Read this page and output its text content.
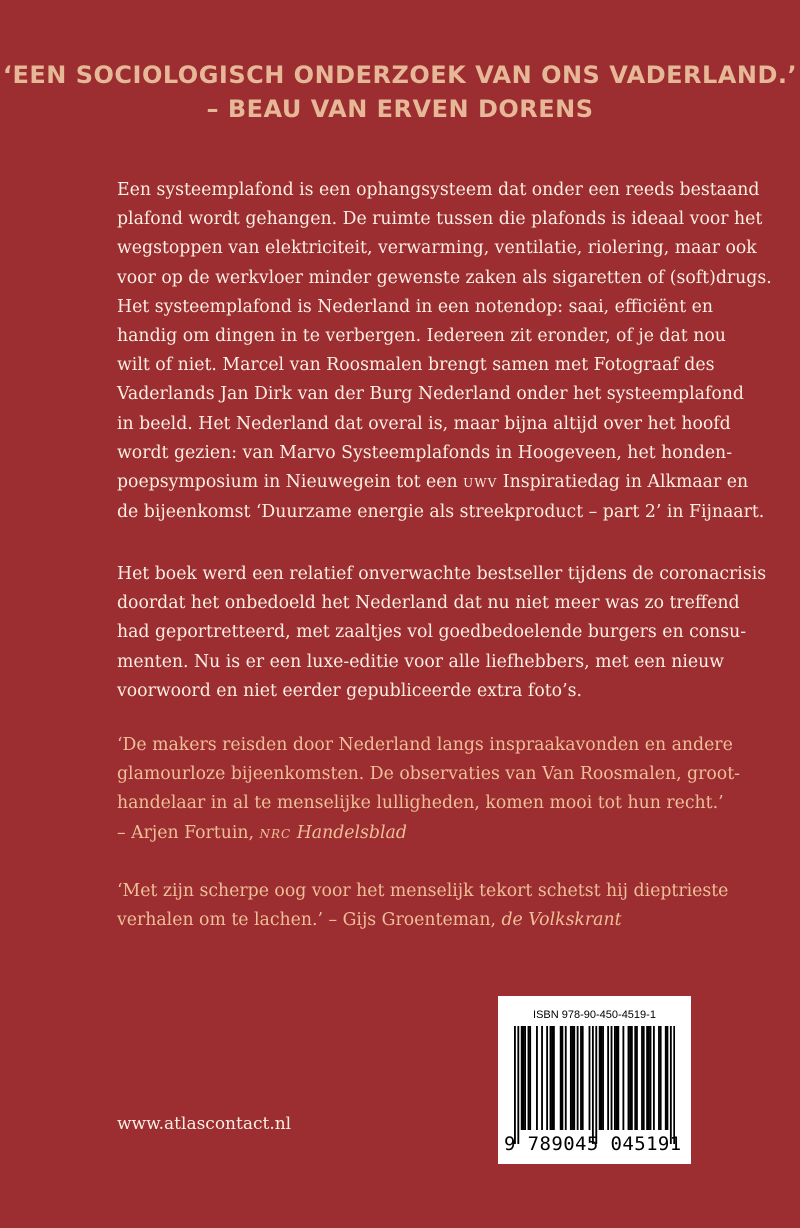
‘EEN SOCIOLOGISCH ONDERZOEK VAN ONS VADERLAND.’
– BEAU VAN ERVEN DORENS

Een systeemplafond is een ophangsysteem dat onder een reeds bestaand

plafond wordt gehangen. De ruimte tussen die plafonds is ideaal voor het

wegstoppen van elektriciteit, verwarming, ventilatie, riolering, maar ook

voor op de werkvloer minder gewenste zaken als sigaretten of (soft)drugs.

Het systeemplafond is Nederland in een notendop: saai, efficiënt en

handig om dingen in te verbergen. Iedereen zit eronder, of je dat nou

wilt of niet. Marcel van Roosmalen brengt samen met Fotograaf des

Vaderlands Jan Dirk van der Burg Nederland onder het systeemplafond

in beeld. Het Nederland dat overal is, maar bijna altijd over het hoofd

wordt gezien: van Marvo Systeemplafonds in Hoogeveen, het honden-

poepsymposium in Nieuwegein tot een UWV Inspiratiedag in Alkmaar en

de bijeenkomst ‘Duurzame energie als streekproduct – part 2’ in Fijnaart.

Het boek werd een relatief onverwachte bestseller tijdens de coronacrisis

doordat het onbedoeld het Nederland dat nu niet meer was zo treffend

had geportretteerd, met zaaltjes vol goedbedoelende burgers en consu-

menten. Nu is er een luxe-editie voor alle liefhebbers, met een nieuw

voorwoord en niet eerder gepubliceerde extra foto’s.

‘De makers reisden door Nederland langs inspraakavonden en andere

glamourloze bijeenkomsten. De observaties van Van Roosmalen, groot-

handelaar in al te menselijke lulligheden, komen mooi tot hun recht.’

– Arjen Fortuin, NRC Handelsblad

‘Met zijn scherpe oog voor het menselijk tekort schetst hij dieptrieste

verhalen om te lachen.’ – Gijs Groenteman, de Volkskrant

www.atlascontact.nl
ISBN 978-90-450-4519-1
9 789045 045191
